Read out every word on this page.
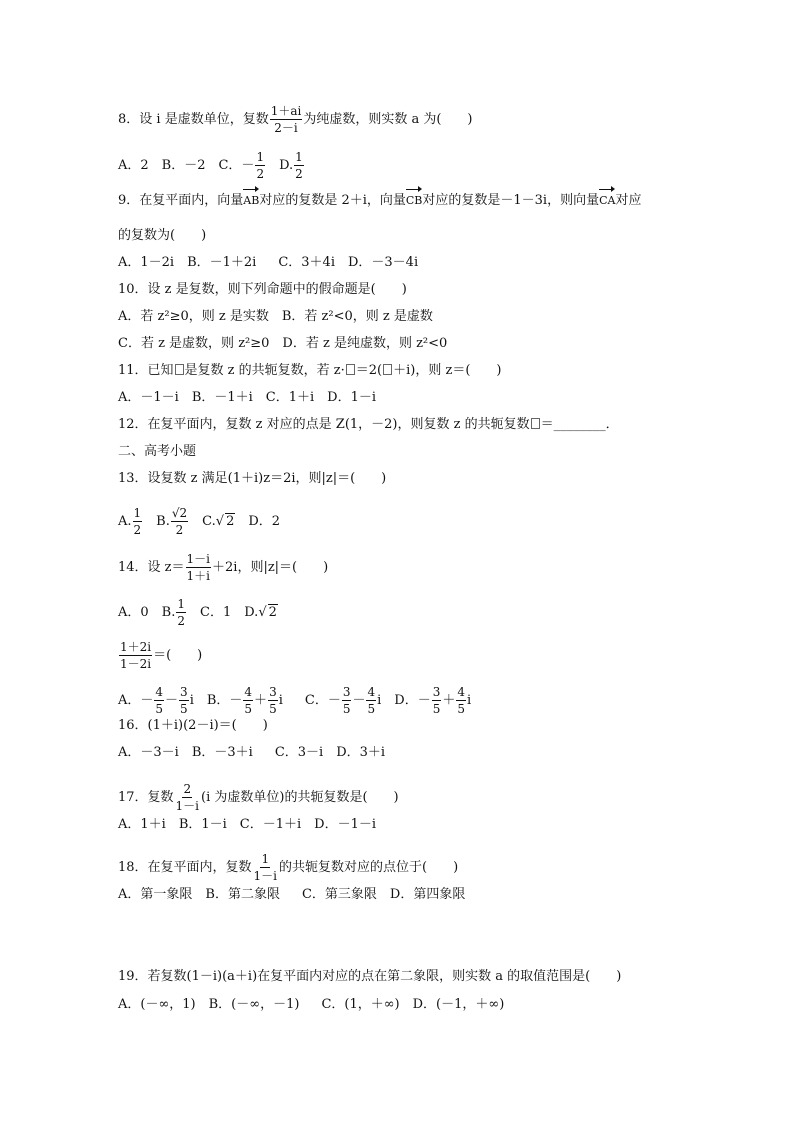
8．设 i 是虚数单位，复数 $\frac{1+ai}{2-i}$ 为纯虚数，则实数 a 为(　　)
A．2　B．－2　C．－ $\frac{1}{2}$ 　D. $\frac{1}{2}$
9．在复平面内，向量AB对应的复数是 2＋i，向量CB对应的复数是－1－3i，则向量CA对应
的复数为(　　)
A．1－2i　B．－1＋2i C．3＋4i　D．－3－4i
10．设 z 是复数，则下列命题中的假命题是(　　)
A．若 z²≥0，则 z 是实数　B．若 z²<0，则 z 是虚数
C．若 z 是虚数，则 z²≥0　D．若 z 是纯虚数，则 z²<0
11．已知 是复数 z 的共轭复数，若 z· ＝2( ＋i)，则 z＝(　　)
A．－1－i　B．－1＋i　C．1＋i　D．1－i
12．在复平面内，复数 z 对应的点是 Z(1，－2)，则复数 z 的共轭复数 ＝________．
二、高考小题
13．设复数 z 满足(1＋i)z＝2i，则|z|＝(　　)
A. $\frac{1}{2}$ 　B. $\frac{√2}{2}$ 　C.√ 2　D．2
14．设 $z= \frac{1-i}{1+i} +2i$，则|z|＝(　　)
A．0　B. $\frac{1}{2}$ 　C．1　D.√ 2
$\frac{1+2i}{1-2i}$ ＝(　　)
A．－ $\frac{4}{5} - \frac{3}{5}$ i　B．－ $\frac{4}{5} + \frac{3}{5}$ i C．－ $\frac{3}{5} - \frac{4}{5}$ i　D．－ $\frac{3}{5} + \frac{4}{5}$ i
16．(1＋i)(2－i)＝(　　)
A．－3－i　B．－3＋i C．3－i　D．3＋i
17．复数 $\frac{2}{1-i} (i$ 为虚数单位)的共轭复数是(　　)
A．1＋i　B．1－i　C．－1＋i　D．－1－i
18．在复平面内，复数 $\frac{1}{1-i}$ 的共轭复数对应的点位于(　　)
A．第一象限　B．第二象限 C．第三象限　D．第四象限
19．若复数(1－i)(a＋i)在复平面内对应的点在第二象限，则实数 a 的取值范围是(　　)
A．(－∞，1)　B．(－∞，－1) C．(1，＋∞)　D．(－1，＋∞)
